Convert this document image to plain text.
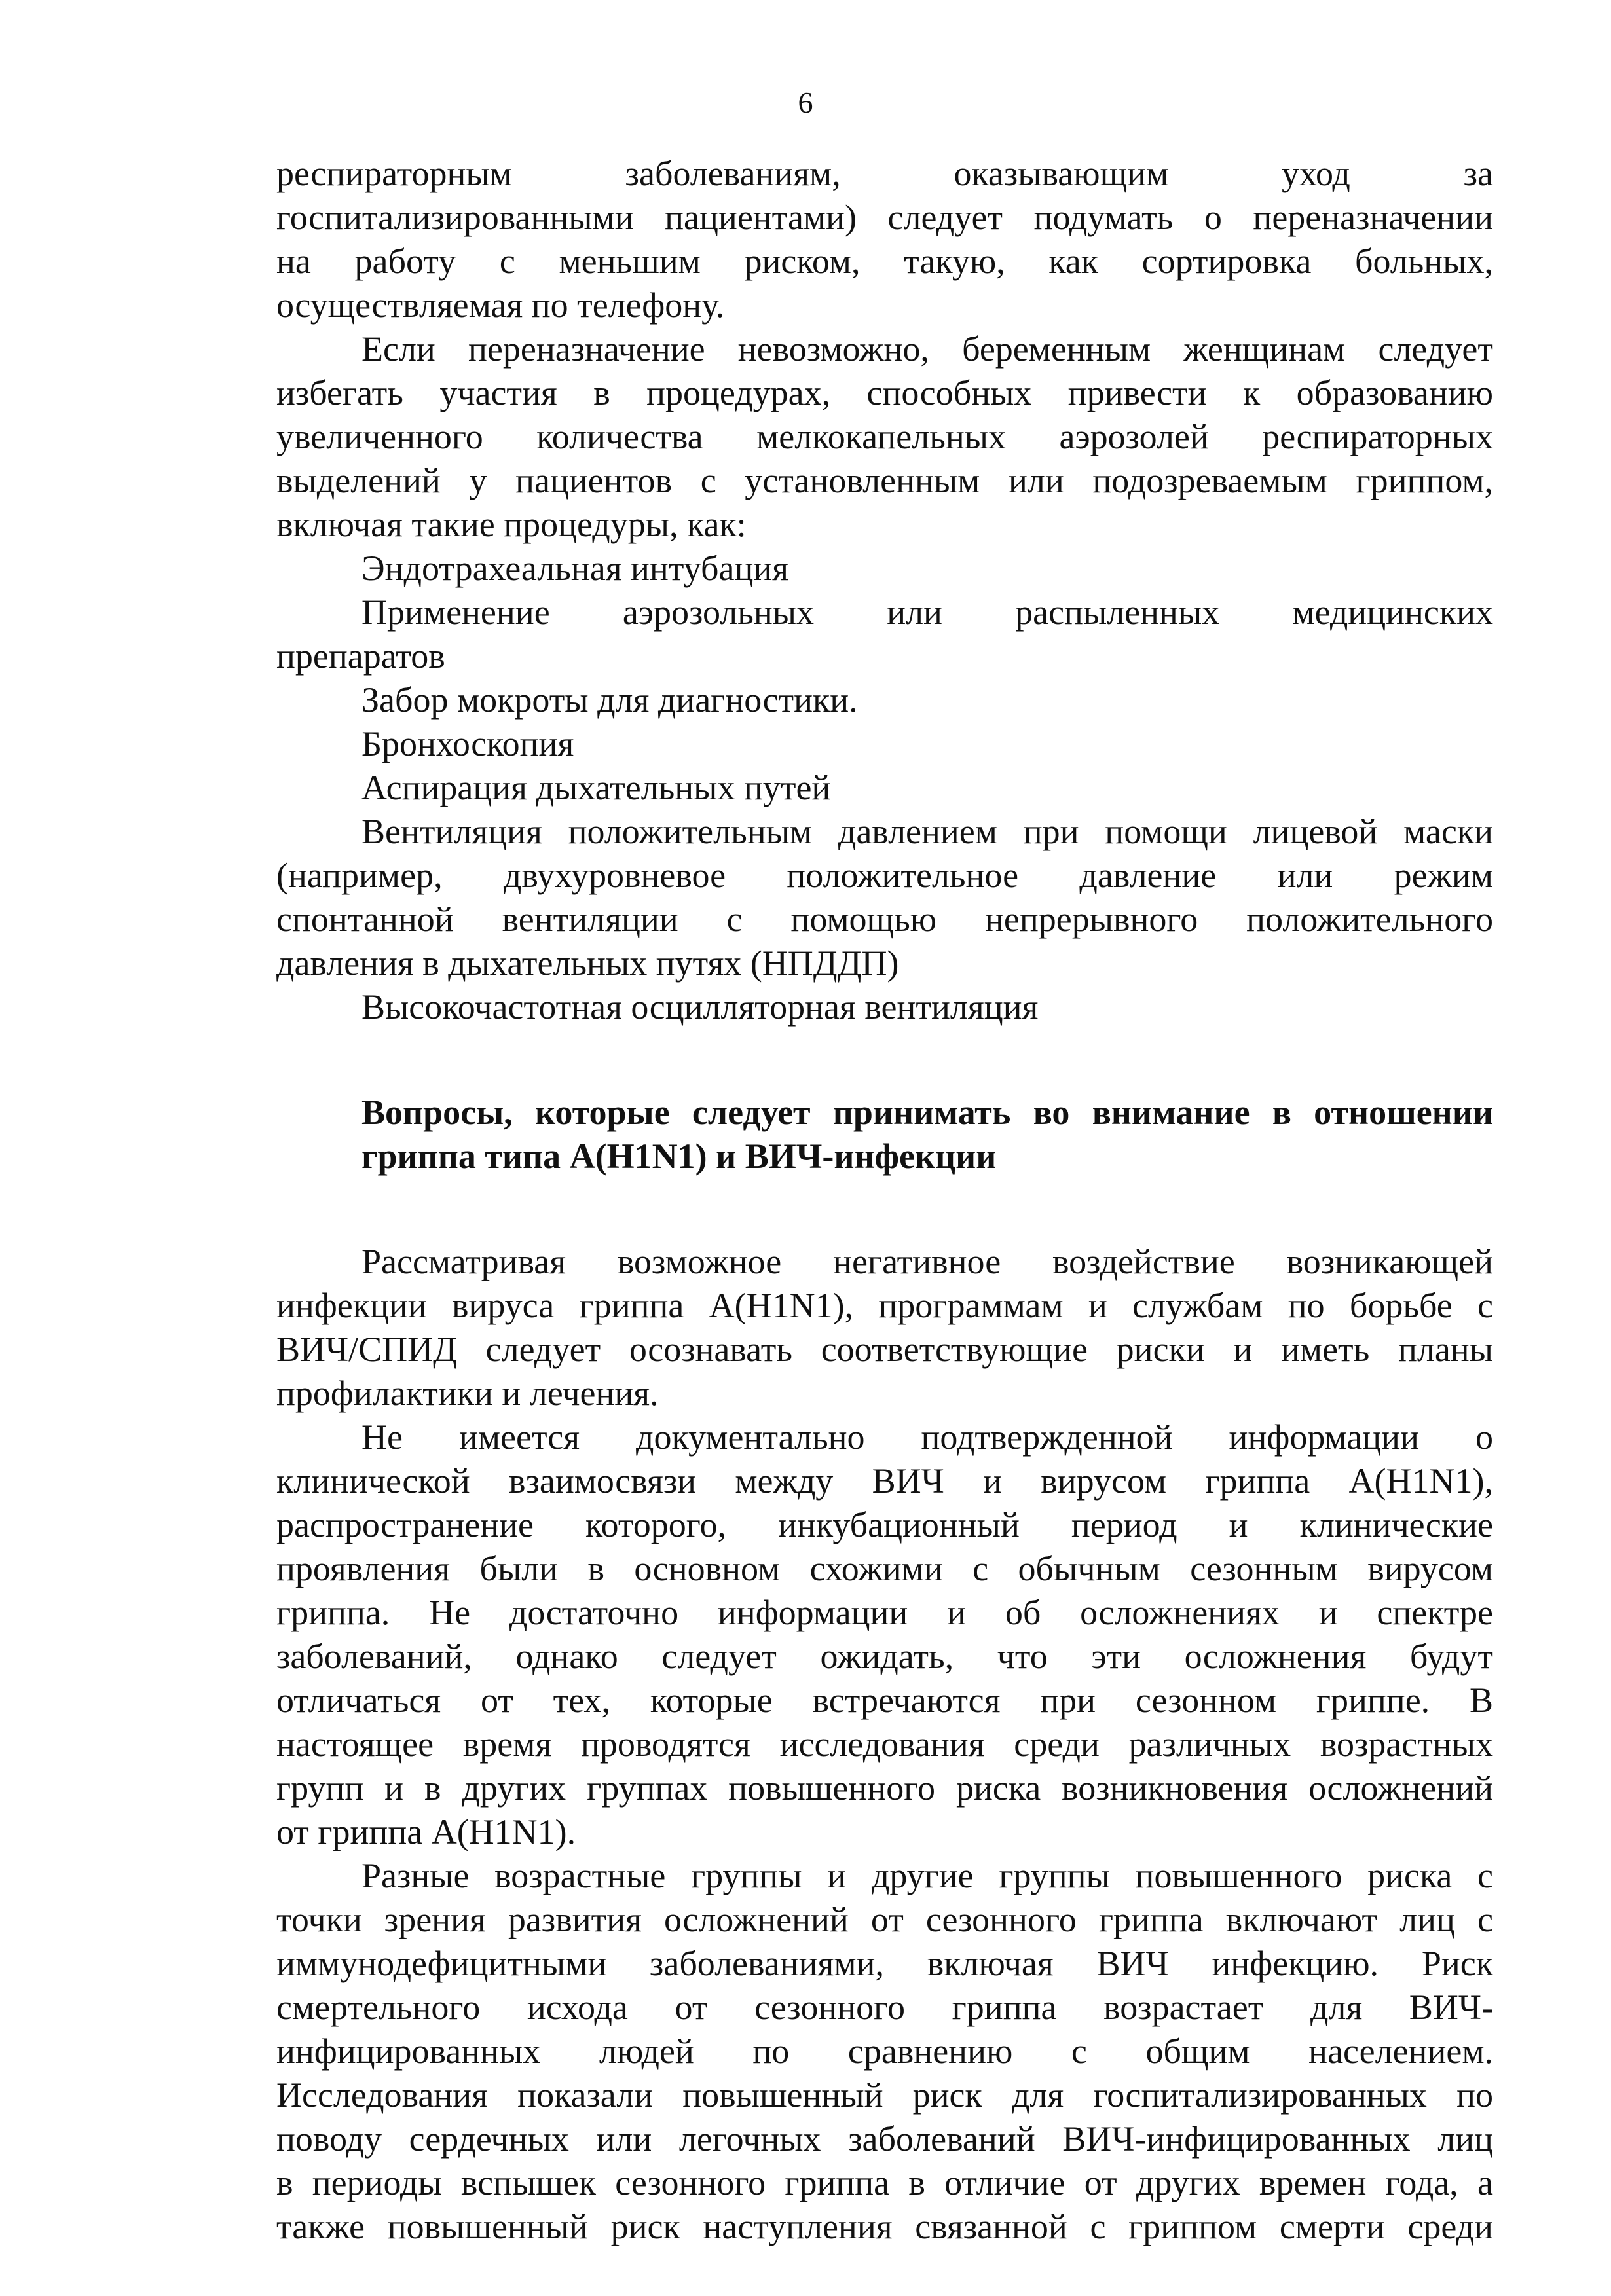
6

респираторным заболеваниям, оказывающим уход за

госпитализированными пациентами) следует подумать о переназначении

на работу с меньшим риском, такую, как сортировка больных,

осуществляемая по телефону.

Если переназначение невозможно, беременным женщинам следует

избегать участия в процедурах, способных привести к образованию

увеличенного количества мелкокапельных аэрозолей респираторных

выделений у пациентов с установленным или подозреваемым гриппом,

включая такие процедуры, как:

Эндотрахеальная интубация

Применение аэрозольных или распыленных медицинских

препаратов

Забор мокроты для диагностики.

Бронхоскопия

Аспирация дыхательных путей

Вентиляция положительным давлением при помощи лицевой маски

(например, двухуровневое положительное давление или режим

спонтанной вентиляции с помощью непрерывного положительного

давления в дыхательных путях (НПДДП)

Высокочастотная осцилляторная вентиляция

Вопросы, которые следует принимать во внимание в отношении

гриппа типа A(H1N1) и ВИЧ-инфекции

Рассматривая возможное негативное воздействие возникающей

инфекции вируса гриппа A(H1N1), программам и службам по борьбе с

ВИЧ/СПИД следует осознавать соответствующие риски и иметь планы

профилактики и лечения.

Не имеется документально подтвержденной информации о

клинической взаимосвязи между ВИЧ и вирусом гриппа A(H1N1),

распространение которого, инкубационный период и клинические

проявления были в основном схожими с обычным сезонным вирусом

гриппа. Не достаточно информации и об осложнениях и спектре

заболеваний, однако следует ожидать, что эти осложнения будут

отличаться от тех, которые встречаются при сезонном гриппе. В

настоящее время проводятся исследования среди различных возрастных

групп и в других группах повышенного риска возникновения осложнений

от гриппа A(H1N1).

Разные возрастные группы и другие группы повышенного риска с

точки зрения развития осложнений от сезонного гриппа включают лиц с

иммунодефицитными заболеваниями, включая ВИЧ инфекцию. Риск

смертельного исхода от сезонного гриппа возрастает для ВИЧ-

инфицированных людей по сравнению с общим населением.

Исследования показали повышенный риск для госпитализированных по

поводу сердечных или легочных заболеваний ВИЧ-инфицированных лиц

в периоды вспышек сезонного гриппа в отличие от других времен года, а

также повышенный риск наступления связанной с гриппом смерти среди
